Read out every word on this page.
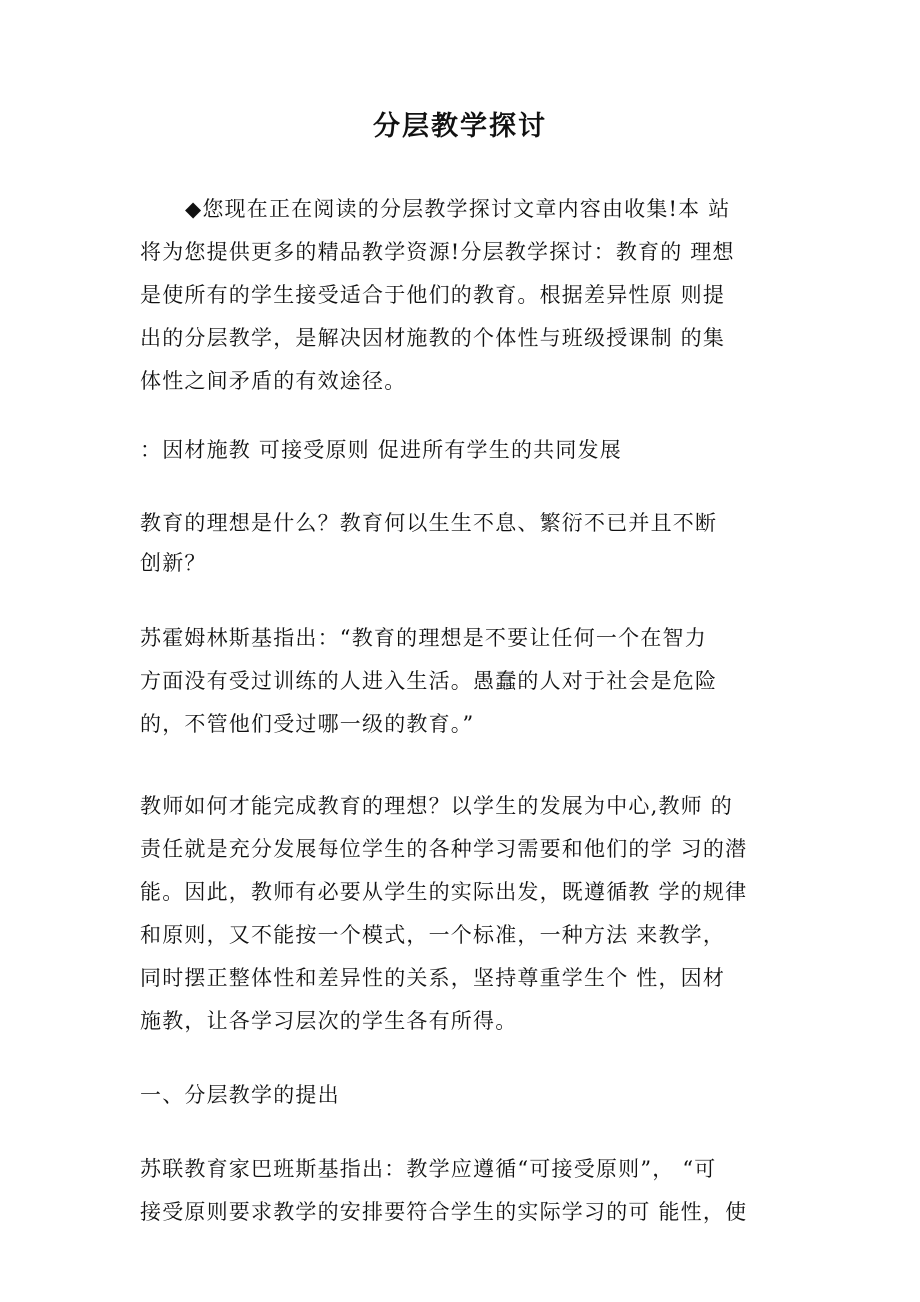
分层教学探讨
◆您现在正在阅读的分层教学探讨文章内容由收集!本 站
将为您提供更多的精品教学资源!分层教学探讨：教育的 理想
是使所有的学生接受适合于他们的教育。根据差异性原 则提
出的分层教学，是解决因材施教的个体性与班级授课制 的集
体性之间矛盾的有效途径。
：因材施教 可接受原则 促进所有学生的共同发展
教育的理想是什么？教育何以生生不息、繁衍不已并且不断
创新？
苏霍姆林斯基指出：“教育的理想是不要让任何一个在智力
方面没有受过训练的人进入生活。愚蠢的人对于社会是危险
的，不管他们受过哪一级的教育。”
教师如何才能完成教育的理想？以学生的发展为中心,教师 的
责任就是充分发展每位学生的各种学习需要和他们的学 习的潜
能。因此，教师有必要从学生的实际出发，既遵循教 学的规律
和原则，又不能按一个模式，一个标准，一种方法 来教学，
同时摆正整体性和差异性的关系，坚持尊重学生个 性，因材
施教，让各学习层次的学生各有所得。
一、分层教学的提出
苏联教育家巴班斯基指出：教学应遵循“可接受原则”， “可
接受原则要求教学的安排要符合学生的实际学习的可 能性，使
